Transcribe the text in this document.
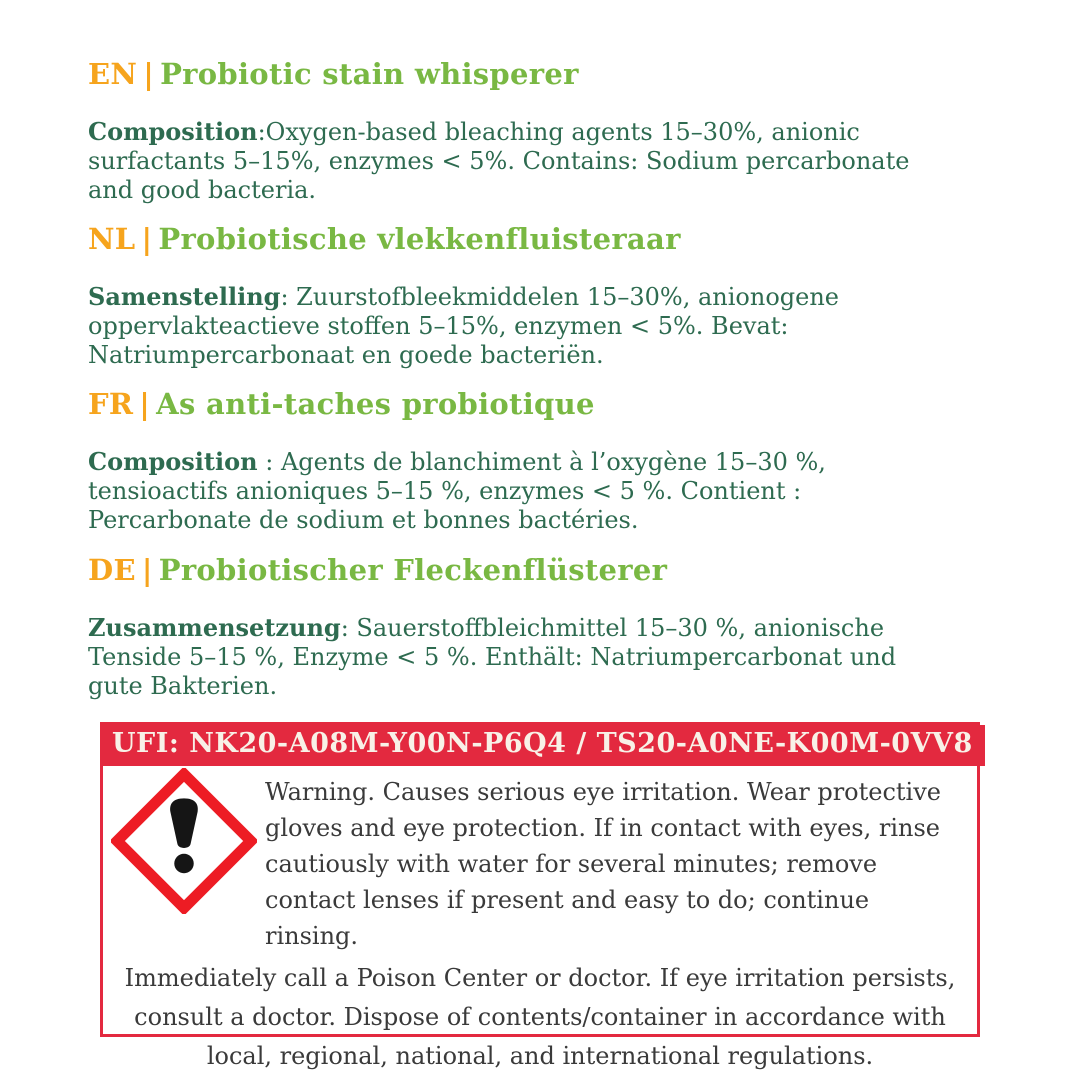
EN | Probiotic stain whisperer

Composition:Oxygen-based bleaching agents 15–30%, anionic surfactants 5–15%, enzymes < 5%. Contains: Sodium percarbonate and good bacteria.

NL | Probiotische vlekkenfluisteraar

Samenstelling: Zuurstofbleekmiddelen 15–30%, anionogene oppervlakteactieve stoffen 5–15%, enzymen < 5%. Bevat: Natriumpercarbonaat en goede bacteriën.

FR | As anti-taches probiotique

Composition : Agents de blanchiment à l’oxygène 15–30 %, tensioactifs anioniques 5–15 %, enzymes < 5 %. Contient : Percarbonate de sodium et bonnes bactéries.

DE | Probiotischer Fleckenflüsterer

Zusammensetzung: Sauerstoffbleichmittel 15–30 %, anionische Tenside 5–15 %, Enzyme < 5 %. Enthält: Natriumpercarbonat und gute Bakterien.

UFI: NK20-A08M-Y00N-P6Q4 / TS20-A0NE-K00M-0VV8

Warning. Causes serious eye irritation. Wear protective gloves and eye protection. If in contact with eyes, rinse cautiously with water for several minutes; remove contact lenses if present and easy to do; continue rinsing.

Immediately call a Poison Center or doctor. If eye irritation persists, consult a doctor. Dispose of contents/container in accordance with local, regional, national, and international regulations.
